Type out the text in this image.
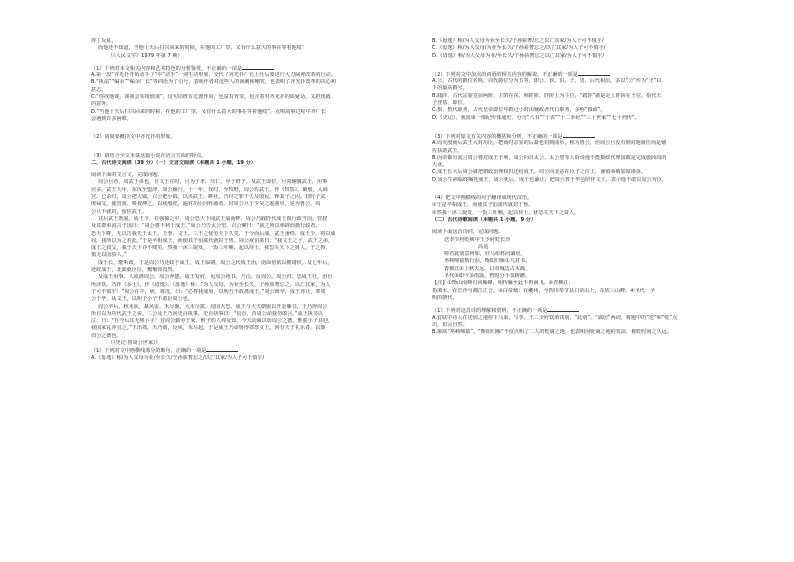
得了反证。
而他还不知道，当他十天后扫兴回来的时候，在他的工厂里，又有什么意大的事在等着他哎！
（《人民文学》1979 年第 7 期）
（1）下列对本文相关内容和艺术特色的分析鉴赏，不正确的一项是
A.第一段“齐光扑开始动手了”中“动手”一词生动形象，交代了齐光扑厂长上任后要进行大刀阔斧改革的行动。
B.“执法”“编余”“编余厂长”等词语为了引号，表明作者对这些人的讽刺和嘲笑，也表明了齐光扑改革的决心和
意志。
C.“你找他谈，谈我会实现谁谈”，这句话既有过渡作用，也富有胃里，包含着对齐光扑的质疑话，又担忧敌
的意外。
D.“当他十天后扫兴回来的时候，在他的工厂里，又有什么意大的事在等着他哎”，点明故事过程中齐厂长
会遇到许多困难。
（2）请简要概括文中齐光扑的形象。
（3）请结合全文本谈这篇小说在语言方面的特点。
二、古代诗文阅读（39 分）（一）文言文阅读（本题共 1 小题，19 分）
阅读下面的文言文，完成问题。
周公旦者，周武王弟也。自文王在时，旦为子孝，笃仁，异于群子。及武王即位，旦常辅翼武王，用事
居多。武王九年，东伐至盟津，周公辅行。十一年，伐纣，至牧野，周公佐武王，作《牧誓》。破殷，入商
宫。已杀纣，周公把大钺，召公把小钺，以夹武王，衅社，告纣之罪于天及殷民。释箕子之囚。封纣子武
庚禄父，使管叔、蔡叔傅之，以续殷祀。遍封功臣同姓戚者。封周公旦于少昊之虚曲阜，是为鲁公。周
公旦不就封，留佐武王。
其后武王既崩，成王少，在强葆之中。周公恐天下闻武王崩而畔，周公乃践阼代成王摄行政当国。管叔
及其群弟流言于国曰：“周公将不利于成王。”周公乃告太公望、召公奭曰：“我之所以弗辟而摄行政者，
恐天下畔，无以告我先王太王、王季、文王。三王之忧劳天下久矣，于今而后成。武王蚤终，成王少，将以成
周，我所以为之若此。”于是卒相成王，而使其子伯禽代就封于鲁。周公戒伯禽曰：“我文王之子，武王之弟，
成王之叔父，我于天下亦不贱矣。然我一沐三捉发，一饭三吐哺，起以待士，犹恐失天下之贤人。子之鲁，
慎无以国骄人。”
成王长，能听政。于是周公乃还政于成王，成王临朝。周公之代成王治，南面倍依以朝诸侯。及七年后，
还政成王，北面就臣位，匔匔如畏然。
及成王用事，人或谮周公，周公奔楚。成王发府，见周公祷书，乃泣，反周公。周公归，恐成王壮，治有
所淫佚，乃作《多士》，作《毋逸》。《毋逸》称：“为人父母，为业至长久，子孙骄奢忘之，以亡其家，为人
子可不慎乎！”周公在丰，病，将没，曰：“必葬我成周，以明吾不敢离成王。”周公既卒，成王亦让，葬周
公于毕，从文王，以明予小子不敢臣周公也。
周公卒后，秋未获，暴风雷，禾尽偃，大木尽拔。周国大恐。成王与大夫朝服以开金縢书，王乃得周公
所自以为功代武王之说。二公及王乃问史百执事，史百执事曰：“信有，昔周公命我勿敢言。”成王执书以
泣，曰：“自今后其无缪卜乎！昔周公勤劳王家，惟予幼人弗及知。今天动威以彰周公之德，惟朕小子其迎，
我国家礼亦宜之。”王出郊，天乃雨，反风，禾尽起。于是成王乃命鲁得郊祭文王。鲁有天子礼乐者，以褒
周公之德也。
（《史记·鲁周公世家》）
（1）下列对文中画横线部分的断句，正确的一项是
A.《毋逸》称/为人父母为业/至长久/子孙骄奢忘之/以亡其家/为人子可不慎乎/
B.《毋逸》称/为人父母为业至长久/子孙骄奢/忘之以亡其家/为人子可不慎乎/
C.《毋逸》称/为人父母/为业至长久/子孙骄奢忘之/以亡其家/为人子可不慎乎/
D.《毋逸》称/为人父母为业/至长久/子孙骄奢忘之以亡其家/为人子可不慎乎/
（2）下列对文中加点的词语的相关内容的解说，不正确的一项是
A.公，古代的爵位名称，周代爵位分为五等，即公、侯、伯、子、男，后代相沿，多以“公”作为“王”以
下的最高爵号。
B.践阼，古代宗庙堂前两阶，主阶在东，称阼阶，阼阶上为主位，“践阼”就是走上阼阶在王位，指代天
子登基，即位。
C.摄，暂代职务，古代皇帝即位年龄过小时由辅政者代行职务，多称“摄政”。
D.《史记》，我国第一部纪传体通史，分为“八书”“十表”“十二本纪”“三十世家”“七十列传”。
（3）下列对原文有关内容的概括和分析，不正确的一项是
A.周灭殷商后武王大封功臣，把商纣宗室的后裔也封到曲阜，称为鲁公，但周公旦没有到封地就任而是辅
佐扶助武王。
B.因帝都有流言周公将对成王不利，周公向召太公、太公望等人诉说他不能摄政代理国政是完成殷商周的
大业。
C.成王长大后周公就把朝政治理权归还给成王，周公向北站在臣子之位上，谨慎恭敬加度谨诉。
D.周公生病临终嘱托成王，周公死后，成王也谦让，把周公葬于毕邑陪伴文王，表示他不敢以周公为臣。
（4）把文中画横线的句子翻译成现代汉语。
①于是卒相成王，而使其子伯禽代就封于鲁。
②然我一沐三捉发，一饭三吐哺，起以待士，犹恐失天下之贤人。
（二）古代诗歌阅读（本题共 1 小题，9 分）
阅读下面这首诗词，完成问题。
送李少府贬峡中王少府贬长沙
高适
嗟君此别意何如，驻马衔杯问谪居。
巫峡啼猿数行泪，衡阳归雁①几封书。
青枫江②上秋天远，白帝城边古木疏。
圣代③即今多雨露，暂时分手莫踌躇。
【注】①衡山南峰有回雁峰，相传雁至此不再南飞。②青枫江：
指浏水，在长沙与湘江汇合。③白帝城：在夔州，今四川奉节县白帝山上，东依三山峰。④圣代：圣
明的朝代。
（1）下列对这首诗的理解和赏析，不正确的一项是
A.首联中诗人在送别之地停下马来，与李、王二少府饮酒饯别，“此别”、“谪居”两词，将题中的“送”和“贬”点
出，扣灵自然。
B.颔联“巫峡啼猿”、“衡阳归雁”不仅点明了二人的贬谪之地，也表明因贬谪之地的荒凉，被贬时间之久远。
